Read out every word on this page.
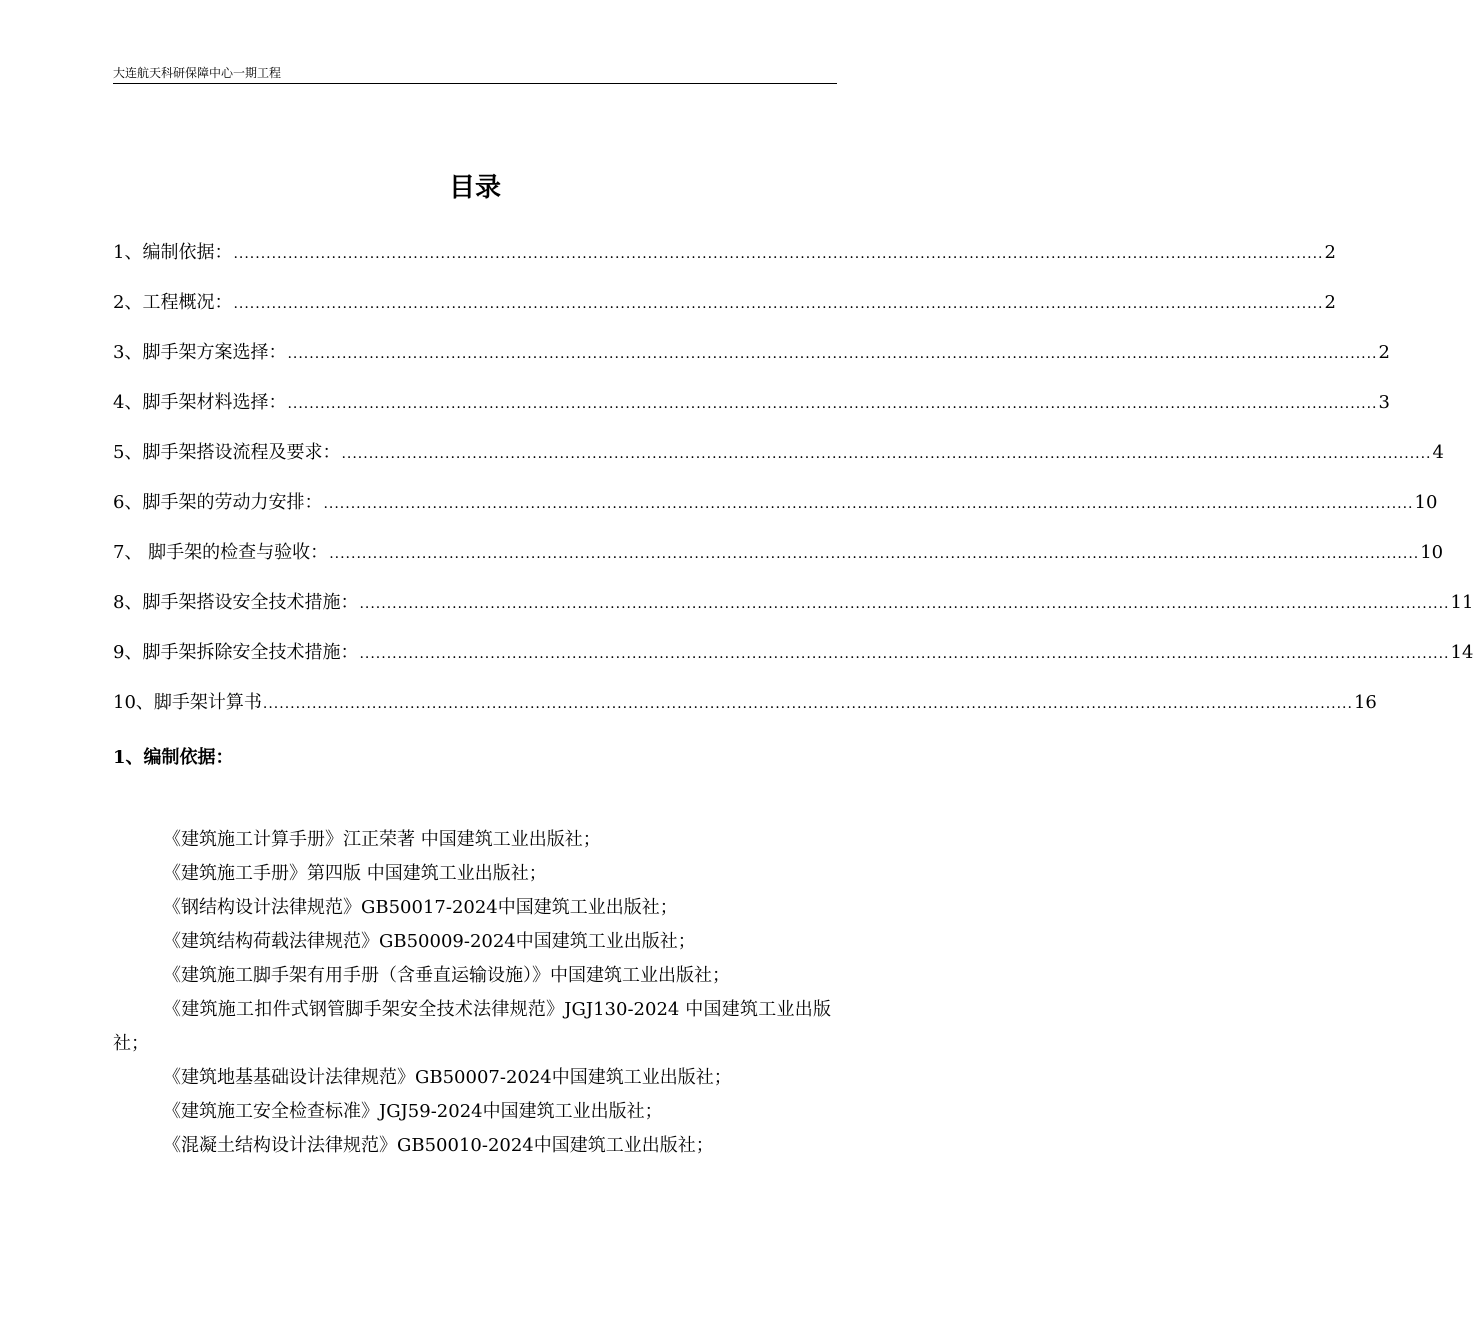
大连航天科研保障中心一期工程
目录
1、编制依据： ........................................................................................................................................................................................................ 2
2、工程概况： ........................................................................................................................................................................................................ 2
3、脚手架方案选择： ........................................................................................................................................................................................................ 2
4、脚手架材料选择： ........................................................................................................................................................................................................ 3
5、脚手架搭设流程及要求： ........................................................................................................................................................................................................ 4
6、脚手架的劳动力安排： ........................................................................................................................................................................................................ 10
7、 脚手架的检查与验收： ........................................................................................................................................................................................................ 10
8、脚手架搭设安全技术措施： ........................................................................................................................................................................................................ 11
9、脚手架拆除安全技术措施： ........................................................................................................................................................................................................ 14
10、脚手架计算书 ........................................................................................................................................................................................................ 16
1、编制依据：

《建筑施工计算手册》江正荣著 中国建筑工业出版社；

《建筑施工手册》第四版 中国建筑工业出版社；

《钢结构设计法律规范》GB50017-2024中国建筑工业出版社；

《建筑结构荷载法律规范》GB50009-2024中国建筑工业出版社；

《建筑施工脚手架有用手册（含垂直运输设施）》中国建筑工业出版社；

《建筑施工扣件式钢管脚手架安全技术法律规范》JGJ130-2024 中国建筑工业出版社；

《建筑地基基础设计法律规范》GB50007-2024中国建筑工业出版社；

《建筑施工安全检查标准》JGJ59-2024中国建筑工业出版社；

《混凝土结构设计法律规范》GB50010-2024中国建筑工业出版社；
